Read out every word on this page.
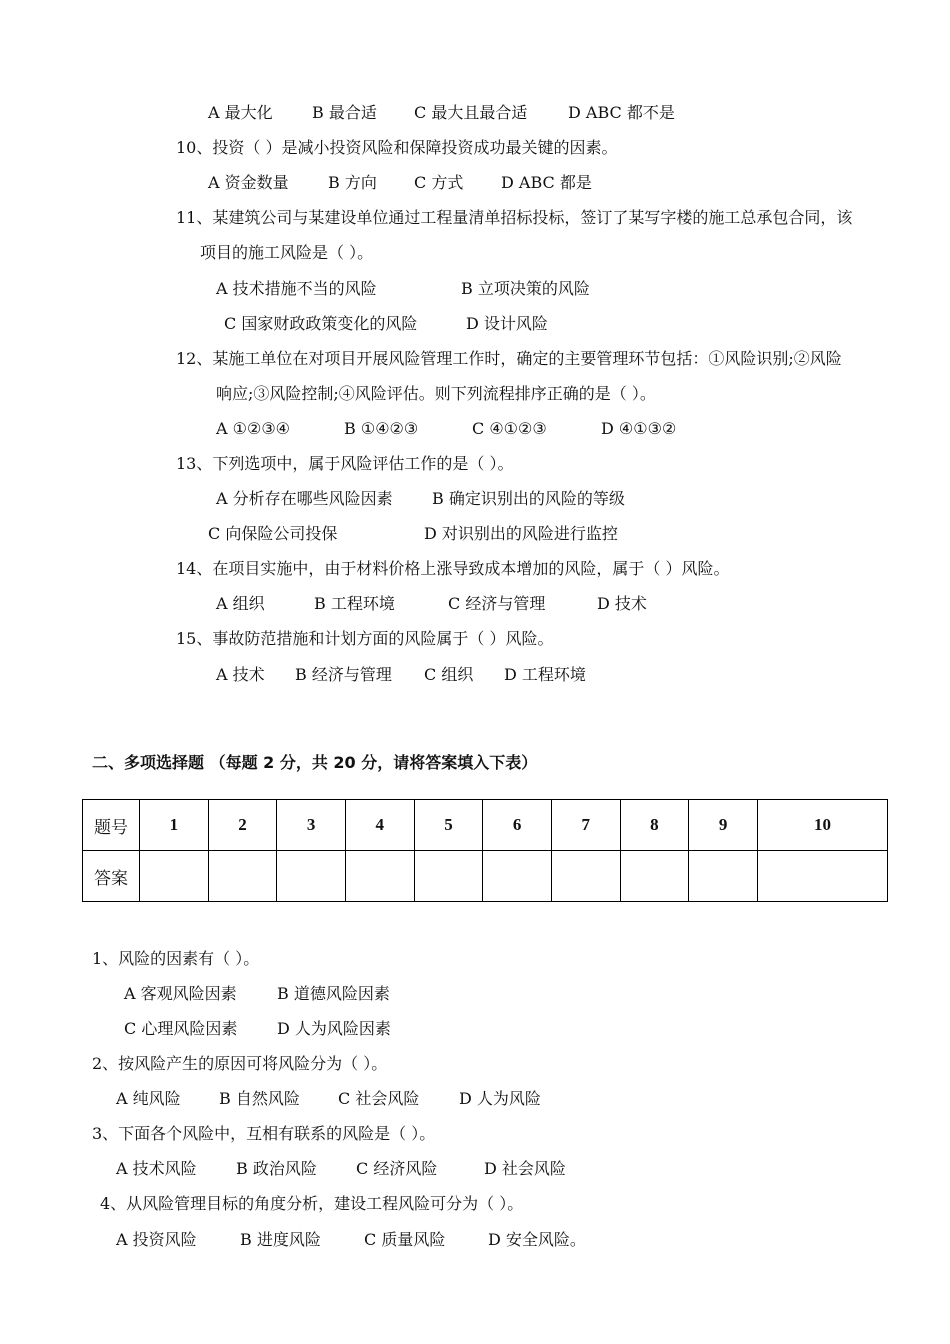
A 最大化 B 最合适 C 最大且最合适	D ABC 都不是
10、投资（ ）是减小投资风险和保障投资成功最关键的因素。
A 资金数量 B 方向 C 方式 D ABC 都是
11、某建筑公司与某建设单位通过工程量清单招标投标，签订了某写字楼的施工总承包合同，该
项目的施工风险是（ ）。
A 技术措施不当的风险	B 立项决策的风险
C 国家财政政策变化的风险	D 设计风险
12、某施工单位在对项目开展风险管理工作时，确定的主要管理环节包括：①风险识别;②风险
响应;③风险控制;④风险评估。则下列流程排序正确的是（ ）。
A ①②③④	B ①④②③	C ④①②③	D ④①③②
13、下列选项中，属于风险评估工作的是（ ）。
A 分析存在哪些风险因素 B 确定识别出的风险的等级
C 向保险公司投保	D 对识别出的风险进行监控
14、在项目实施中，由于材料价格上涨导致成本增加的风险，属于（ ）风险。
A 组织	B 工程环境	C 经济与管理	D 技术
15、事故防范措施和计划方面的风险属于（ ）风险。
A 技术 B 经济与管理 C 组织 D 工程环境
二、多项选择题 （每题 2 分，共 20 分，请将答案填入下表）
题号	1	2	3	4	5	6	7	8	9	10
答案										
1、风险的因素有（ ）。
A 客观风险因素	B 道德风险因素
C 心理风险因素 D 人为风险因素
2、按风险产生的原因可将风险分为（ ）。
A 纯风险 B 自然风险 C 社会风险 D 人为风险
3、下面各个风险中，互相有联系的风险是（ ）。
A 技术风险 B 政治风险 C 经济风险	D 社会风险
4、从风险管理目标的角度分析，建设工程风险可分为（ ）。
A 投资风险	B 进度风险	C 质量风险	D 安全风险。
